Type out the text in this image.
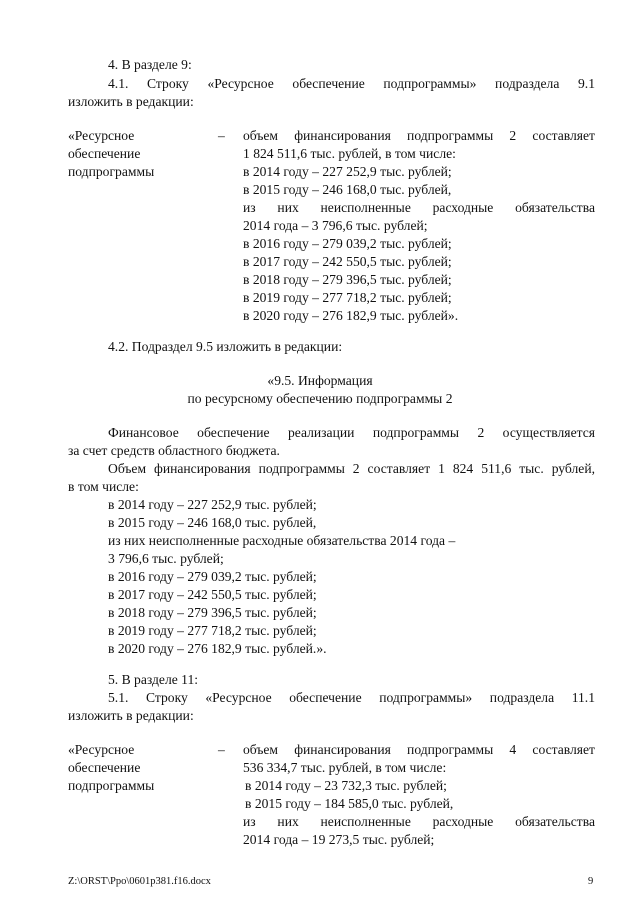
4. В разделе 9:
4.1. Строку «Ресурсное обеспечение подпрограммы» подраздела 9.1
изложить в редакции:
«Ресурсное
обеспечение
подпрограммы
– объем финансирования подпрограммы 2 составляет
1 824 511,6 тыс. рублей, в том числе:
в 2014 году – 227 252,9 тыс. рублей;
в 2015 году – 246 168,0 тыс. рублей,
из них неисполненные расходные обязательства
2014 года – 3 796,6 тыс. рублей;
в 2016 году – 279 039,2 тыс. рублей;
в 2017 году – 242 550,5 тыс. рублей;
в 2018 году – 279 396,5 тыс. рублей;
в 2019 году – 277 718,2 тыс. рублей;
в 2020 году – 276 182,9 тыс. рублей».
4.2. Подраздел 9.5 изложить в редакции:
«9.5. Информация
по ресурсному обеспечению подпрограммы 2
Финансовое обеспечение реализации подпрограммы 2 осуществляется
за счет средств областного бюджета.
Объем финансирования подпрограммы 2 составляет 1 824 511,6 тыс. рублей,
в том числе:
в 2014 году – 227 252,9 тыс. рублей;
в 2015 году – 246 168,0 тыс. рублей,
из них неисполненные расходные обязательства 2014 года –
3 796,6 тыс. рублей;
в 2016 году – 279 039,2 тыс. рублей;
в 2017 году – 242 550,5 тыс. рублей;
в 2018 году – 279 396,5 тыс. рублей;
в 2019 году – 277 718,2 тыс. рублей;
в 2020 году – 276 182,9 тыс. рублей.».
5. В разделе 11:
5.1. Строку «Ресурсное обеспечение подпрограммы» подраздела 11.1
изложить в редакции:
«Ресурсное
обеспечение
подпрограммы
– объем финансирования подпрограммы 4 составляет
536 334,7 тыс. рублей, в том числе:
в 2014 году – 23 732,3 тыс. рублей;
в 2015 году – 184 585,0 тыс. рублей,
из них неисполненные расходные обязательства
2014 года – 19 273,5 тыс. рублей;
Z:\ORST\Ppo\0601p381.f16.docx	9
